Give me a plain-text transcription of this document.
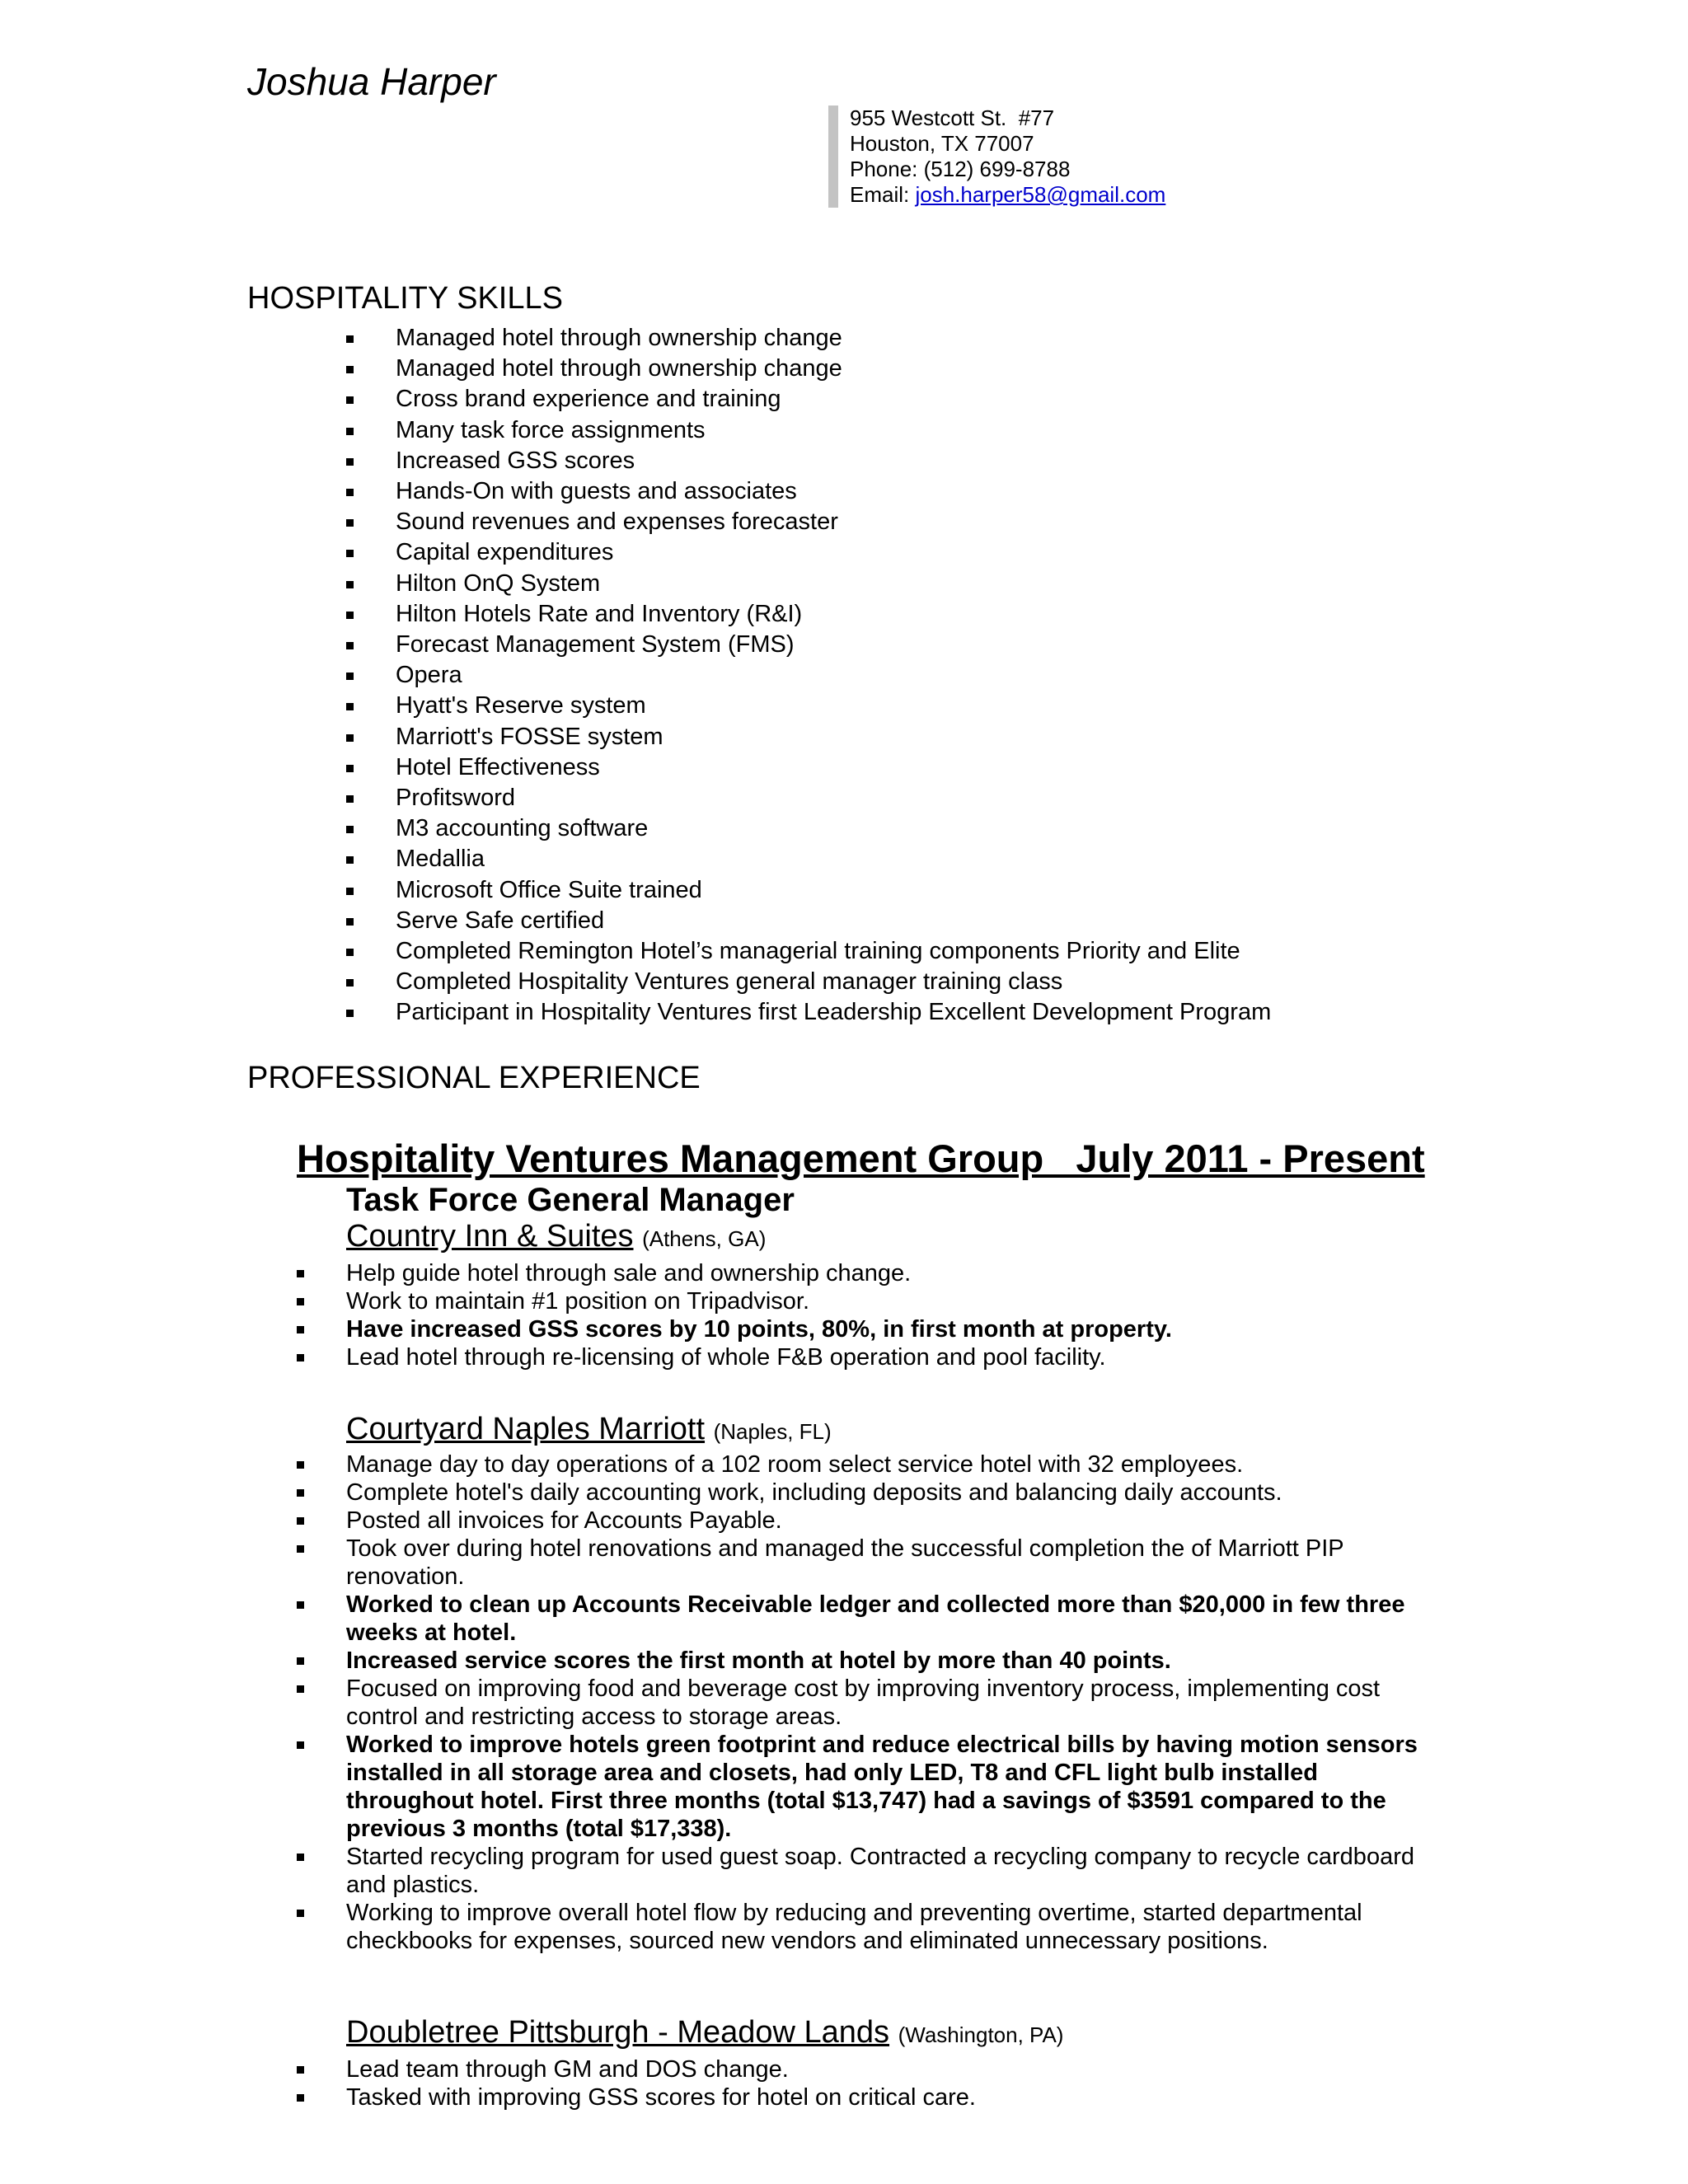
Joshua Harper
955 Westcott St.  #77
Houston, TX 77007
Phone: (512) 699-8788
Email: josh.harper58@gmail.com
HOSPITALITY SKILLS
Managed hotel through ownership change
Managed hotel through ownership change
Cross brand experience and training
Many task force assignments
Increased GSS scores
Hands-On with guests and associates
Sound revenues and expenses forecaster
Capital expenditures
Hilton OnQ System
Hilton Hotels Rate and Inventory (R&I)
Forecast Management System (FMS)
Opera
Hyatt's Reserve system
Marriott's FOSSE system
Hotel Effectiveness
Profitsword
M3 accounting software
Medallia
Microsoft Office Suite trained
Serve Safe certified
Completed Remington Hotel’s managerial training components Priority and Elite
Completed Hospitality Ventures general manager training class
Participant in Hospitality Ventures first Leadership Excellent Development Program
PROFESSIONAL EXPERIENCE
Hospitality Ventures Management Group   July 2011 - Present
Task Force General Manager
Country Inn & Suites (Athens, GA)
Help guide hotel through sale and ownership change.
Work to maintain #1 position on Tripadvisor.
Have increased GSS scores by 10 points, 80%, in first month at property.
Lead hotel through re-licensing of whole F&B operation and pool facility.
Courtyard Naples Marriott (Naples, FL)
Manage day to day operations of a 102 room select service hotel with 32 employees.
Complete hotel's daily accounting work, including deposits and balancing daily accounts.
Posted all invoices for Accounts Payable.
Took over during hotel renovations and managed the successful completion the of Marriott PIP renovation.
Worked to clean up Accounts Receivable ledger and collected more than $20,000 in few three weeks at hotel.
Increased service scores the first month at hotel by more than 40 points.
Focused on improving food and beverage cost by improving inventory process, implementing cost control and restricting access to storage areas.
Worked to improve hotels green footprint and reduce electrical bills by having motion sensors installed in all storage area and closets, had only LED, T8 and CFL light bulb installed throughout hotel. First three months (total $13,747) had a savings of $3591 compared to the previous 3 months (total $17,338).
Started recycling program for used guest soap. Contracted a recycling company to recycle cardboard and plastics.
Working to improve overall hotel flow by reducing and preventing overtime, started departmental checkbooks for expenses, sourced new vendors and eliminated unnecessary positions.
Doubletree Pittsburgh - Meadow Lands (Washington, PA)
Lead team through GM and DOS change.
Tasked with improving GSS scores for hotel on critical care.
